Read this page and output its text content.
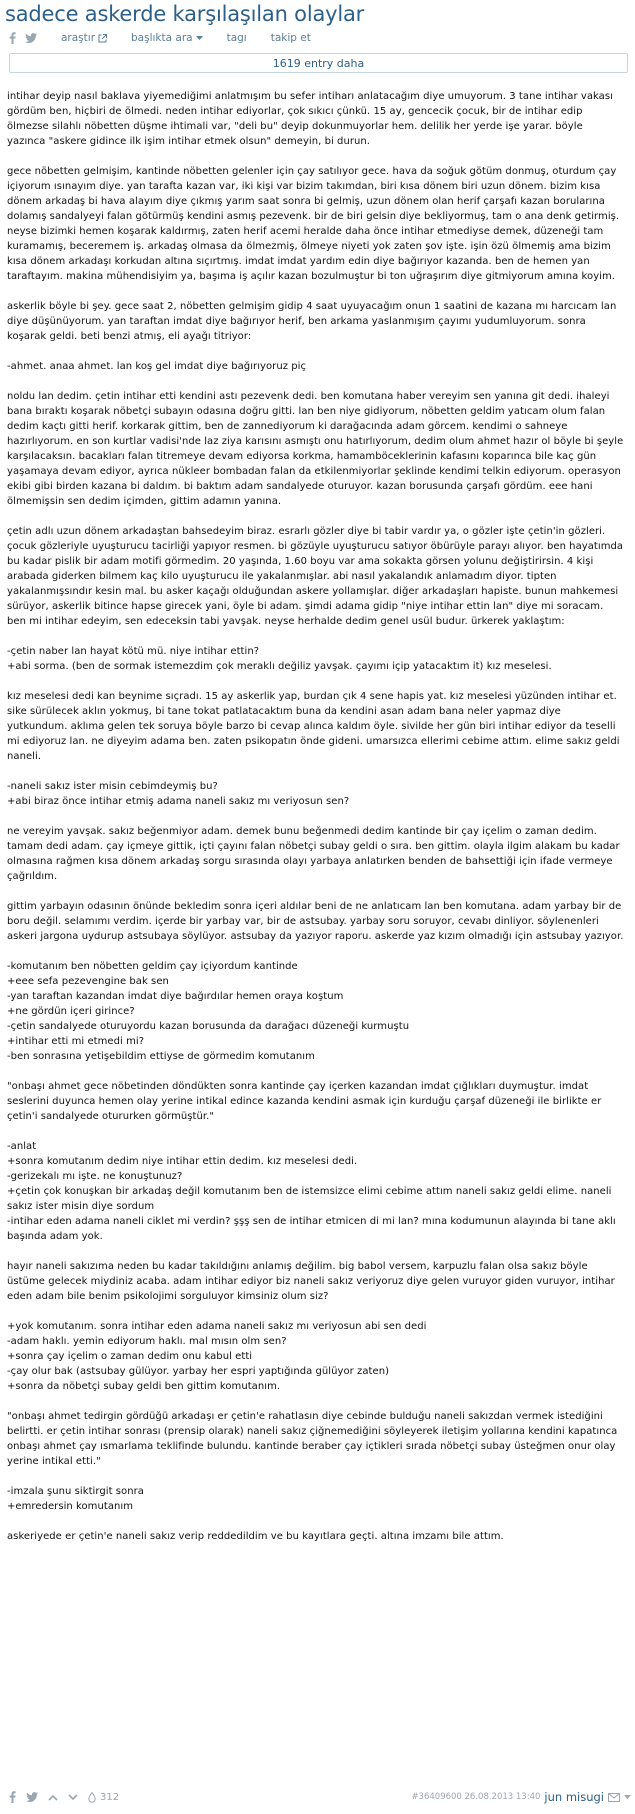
sadece askerde karşılaşılan olaylar
araştır	başlıkta ara	tagı takip et
1619 entry daha

intihar deyip nasıl baklava yiyemediğimi anlatmışım bu sefer intiharı anlatacağım diye umuyorum. 3 tane intihar vakası gördüm ben, hiçbiri de ölmedi. neden intihar ediyorlar, çok sıkıcı çünkü. 15 ay, gencecik çocuk, bir de intihar edip ölmezse silahlı nöbetten düşme ihtimali var, "deli bu" deyip dokunmuyorlar hem. delilik her yerde işe yarar. böyle yazınca "askere gidince ilk işim intihar etmek olsun" demeyin, bi durun.

gece nöbetten gelmişim, kantinde nöbetten gelenler için çay satılıyor gece. hava da soğuk götüm donmuş, oturdum çay içiyorum ısınayım diye. yan tarafta kazan var, iki kişi var bizim takımdan, biri kısa dönem biri uzun dönem. bizim kısa dönem arkadaş bi hava alayım diye çıkmış yarım saat sonra bi gelmiş, uzun dönem olan herif çarşafı kazan borularına dolamış sandalyeyi falan götürmüş kendini asmış pezevenk. bir de biri gelsin diye bekliyormuş, tam o ana denk getirmiş. neyse bizimki hemen koşarak kaldırmış, zaten herif acemi heralde daha önce intihar etmediyse demek, düzeneği tam kuramamış, beceremem iş. arkadaş olmasa da ölmezmiş, ölmeye niyeti yok zaten şov işte. işin özü ölmemiş ama bizim kısa dönem arkadaşı korkudan altına sıçırtmış. imdat imdat yardım edin diye bağırıyor kazanda. ben de hemen yan taraftayım. makina mühendisiyim ya, başıma iş açılır kazan bozulmuştur bi ton uğraşırım diye gitmiyorum amına koyim.

askerlik böyle bi şey. gece saat 2, nöbetten gelmişim gidip 4 saat uyuyacağım onun 1 saatini de kazana mı harcıcam lan diye düşünüyorum. yan taraftan imdat diye bağırıyor herif, ben arkama yaslanmışım çayımı yudumluyorum. sonra koşarak geldi. beti benzi atmış, eli ayağı titriyor:

-ahmet. anaa ahmet. lan koş gel imdat diye bağırıyoruz piç

noldu lan dedim. çetin intihar etti kendini astı pezevenk dedi. ben komutana haber vereyim sen yanına git dedi. ihaleyi bana bıraktı koşarak nöbetçi subayın odasına doğru gitti. lan ben niye gidiyorum, nöbetten geldim yatıcam olum falan dedim kaçtı gitti herif. korkarak gittim, ben de zannediyorum ki darağacında adam görcem. kendimi o sahneye hazırlıyorum. en son kurtlar vadisi'nde laz ziya karısını asmıştı onu hatırlıyorum, dedim olum ahmet hazır ol böyle bi şeyle karşılacaksın. bacakları falan titremeye devam ediyorsa korkma, hamamböceklerinin kafasını koparınca bile kaç gün yaşamaya devam ediyor, ayrıca nükleer bombadan falan da etkilenmiyorlar şeklinde kendimi telkin ediyorum. operasyon ekibi gibi birden kazana bi daldım. bi baktım adam sandalyede oturuyor. kazan borusunda çarşafı gördüm. eee hani ölmemişsin sen dedim içimden, gittim adamın yanına.

çetin adlı uzun dönem arkadaştan bahsedeyim biraz. esrarlı gözler diye bi tabir vardır ya, o gözler işte çetin'in gözleri. çocuk gözleriyle uyuşturucu tacirliği yapıyor resmen. bi gözüyle uyuşturucu satıyor öbürüyle parayı alıyor. ben hayatımda bu kadar pislik bir adam motifi görmedim. 20 yaşında, 1.60 boyu var ama sokakta görsen yolunu değiştirirsin. 4 kişi arabada giderken bilmem kaç kilo uyuşturucu ile yakalanmışlar. abi nasıl yakalandık anlamadım diyor. tipten yakalanmışsındır kesin mal. bu asker kaçağı olduğundan askere yollamışlar. diğer arkadaşları hapiste. bunun mahkemesi sürüyor, askerlik bitince hapse girecek yani, öyle bi adam. şimdi adama gidip "niye intihar ettin lan" diye mi soracam. ben mi intihar edeyim, sen edeceksin tabi yavşak. neyse herhalde dedim genel usül budur. ürkerek yaklaştım:

-çetin naber lan hayat kötü mü. niye intihar ettin?
+abi sorma. (ben de sormak istemezdim çok meraklı değiliz yavşak. çayımı içip yatacaktım it) kız meselesi.

kız meselesi dedi kan beynime sıçradı. 15 ay askerlik yap, burdan çık 4 sene hapis yat. kız meselesi yüzünden intihar et. sike sürülecek aklın yokmuş, bi tane tokat patlatacaktım buna da kendini asan adam bana neler yapmaz diye yutkundum. aklıma gelen tek soruya böyle barzo bi cevap alınca kaldım öyle. sivilde her gün biri intihar ediyor da teselli mi ediyoruz lan. ne diyeyim adama ben. zaten psikopatın önde gideni. umarsızca ellerimi cebime attım. elime sakız geldi naneli.

-naneli sakız ister misin cebimdeymiş bu?
+abi biraz önce intihar etmiş adama naneli sakız mı veriyosun sen?

ne vereyim yavşak. sakız beğenmiyor adam. demek bunu beğenmedi dedim kantinde bir çay içelim o zaman dedim. tamam dedi adam. çay içmeye gittik, içti çayını falan nöbetçi subay geldi o sıra. ben gittim. olayla ilgim alakam bu kadar olmasına rağmen kısa dönem arkadaş sorgu sırasında olayı yarbaya anlatırken benden de bahsettiği için ifade vermeye çağrıldım.

gittim yarbayın odasının önünde bekledim sonra içeri aldılar beni de ne anlatıcam lan ben komutana. adam yarbay bir de boru değil. selamımı verdim. içerde bir yarbay var, bir de astsubay. yarbay soru soruyor, cevabı dinliyor. söylenenleri askeri jargona uydurup astsubaya söylüyor. astsubay da yazıyor raporu. askerde yaz kızım olmadığı için astsubay yazıyor.

-komutanım ben nöbetten geldim çay içiyordum kantinde
+eee sefa pezevengine bak sen
-yan taraftan kazandan imdat diye bağırdılar hemen oraya koştum
+ne gördün içeri girince?
-çetin sandalyede oturuyordu kazan borusunda da darağacı düzeneği kurmuştu
+intihar etti mi etmedi mi?
-ben sonrasına yetişebildim ettiyse de görmedim komutanım

"onbaşı ahmet gece nöbetinden döndükten sonra kantinde çay içerken kazandan imdat çığlıkları duymuştur. imdat seslerini duyunca hemen olay yerine intikal edince kazanda kendini asmak için kurduğu çarşaf düzeneği ile birlikte er çetin'i sandalyede otururken görmüştür."

-anlat
+sonra komutanım dedim niye intihar ettin dedim. kız meselesi dedi.
-gerizekalı mı işte. ne konuştunuz?
+çetin çok konuşkan bir arkadaş değil komutanım ben de istemsizce elimi cebime attım naneli sakız geldi elime. naneli sakız ister misin diye sordum
-intihar eden adama naneli ciklet mi verdin? şşş sen de intihar etmicen di mi lan? mına kodumunun alayında bi tane aklı başında adam yok.

hayır naneli sakızıma neden bu kadar takıldığını anlamış değilim. big babol versem, karpuzlu falan olsa sakız böyle üstüme gelecek miydiniz acaba. adam intihar ediyor biz naneli sakız veriyoruz diye gelen vuruyor giden vuruyor, intihar eden adam bile benim psikolojimi sorguluyor kimsiniz olum siz?

+yok komutanım. sonra intihar eden adama naneli sakız mı veriyosun abi sen dedi
-adam haklı. yemin ediyorum haklı. mal mısın olm sen?
+sonra çay içelim o zaman dedim onu kabul etti
-çay olur bak (astsubay gülüyor. yarbay her espri yaptığında gülüyor zaten)
+sonra da nöbetçi subay geldi ben gittim komutanım.

"onbaşı ahmet tedirgin gördüğü arkadaşı er çetin'e rahatlasın diye cebinde bulduğu naneli sakızdan vermek istediğini belirtti. er çetin intihar sonrası (prensip olarak) naneli sakız çiğnemediğini söyleyerek iletişim yollarına kendini kapatınca onbaşı ahmet çay ısmarlama teklifinde bulundu. kantinde beraber çay içtikleri sırada nöbetçi subay üsteğmen onur olay yerine intikal etti."

-imzala şunu siktirgit sonra
+emredersin komutanım

askeriyede er çetin'e naneli sakız verip reddedildim ve bu kayıtlara geçti. altına imzamı bile attım.

312	#36409600 26.08.2013 13:40 jun misugi
